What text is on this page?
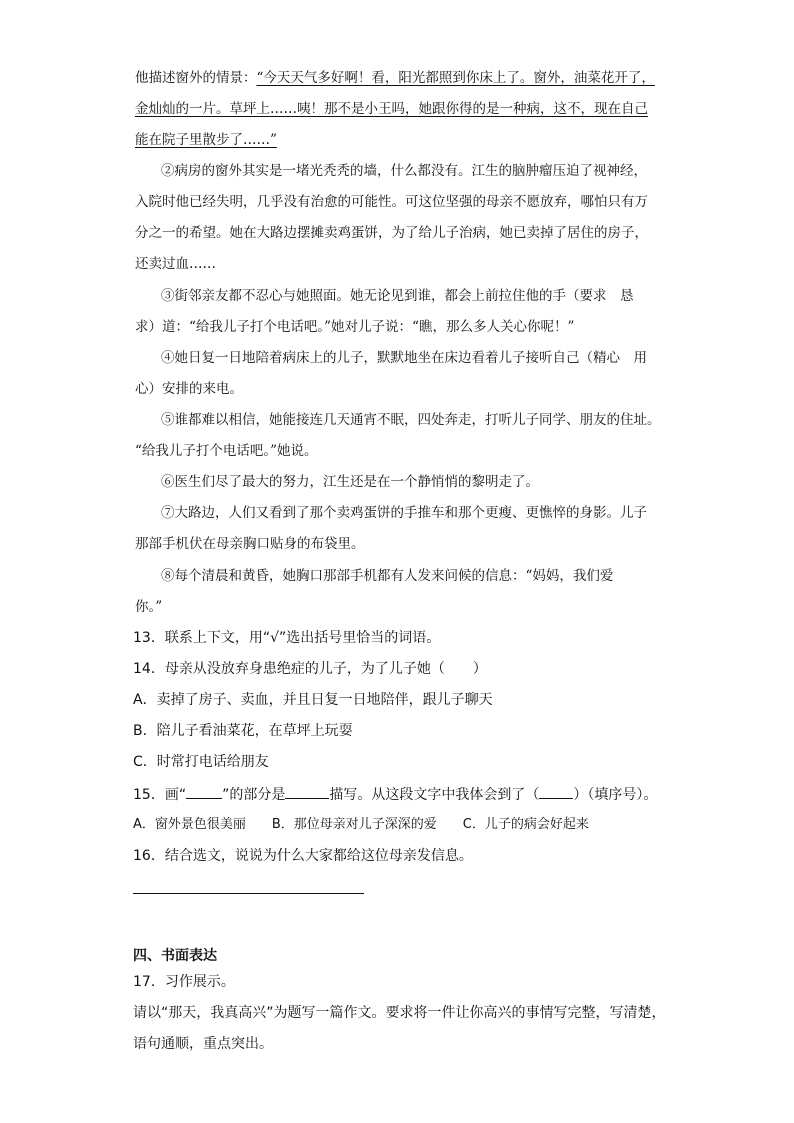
他描述窗外的情景：“今天天气多好啊！看，阳光都照到你床上了。窗外，油菜花开了，
金灿灿的一片。草坪上……咦！那不是小王吗，她跟你得的是一种病，这不，现在自己
能在院子里散步了……”
②病房的窗外其实是一堵光秃秃的墙，什么都没有。江生的脑肿瘤压迫了视神经，
入院时他已经失明，几乎没有治愈的可能性。可这位坚强的母亲不愿放弃，哪怕只有万
分之一的希望。她在大路边摆摊卖鸡蛋饼，为了给儿子治病，她已卖掉了居住的房子，
还卖过血……
③街邻亲友都不忍心与她照面。她无论见到谁，都会上前拉住他的手（要求　恳
求）道：“给我儿子打个电话吧。”她对儿子说：“瞧，那么多人关心你呢！”
④她日复一日地陪着病床上的儿子，默默地坐在床边看着儿子接听自己（精心　用
心）安排的来电。
⑤谁都难以相信，她能接连几天通宵不眠，四处奔走，打听儿子同学、朋友的住址。
“给我儿子打个电话吧。”她说。
⑥医生们尽了最大的努力，江生还是在一个静悄悄的黎明走了。
⑦大路边，人们又看到了那个卖鸡蛋饼的手推车和那个更瘦、更憔悴的身影。儿子
那部手机伏在母亲胸口贴身的布袋里。
⑧每个清晨和黄昏，她胸口那部手机都有人发来问候的信息：“妈妈，我们爱
你。”
13．联系上下文，用“√”选出括号里恰当的词语。
14．母亲从没放弃身患绝症的儿子，为了儿子她（　　）
A．卖掉了房子、卖血，并且日复一日地陪伴，跟儿子聊天
B．陪儿子看油菜花，在草坪上玩耍
C．时常打电话给朋友
15．画“	”的部分是	描写。从这段文字中我体会到了（ ）（填序号）。
A．窗外景色很美丽　　B．那位母亲对儿子深深的爱　　C．儿子的病会好起来
16．结合选文，说说为什么大家都给这位母亲发信息。
四、书面表达
17．习作展示。
请以“那天，我真高兴”为题写一篇作文。要求将一件让你高兴的事情写完整，写清楚，
语句通顺，重点突出。
